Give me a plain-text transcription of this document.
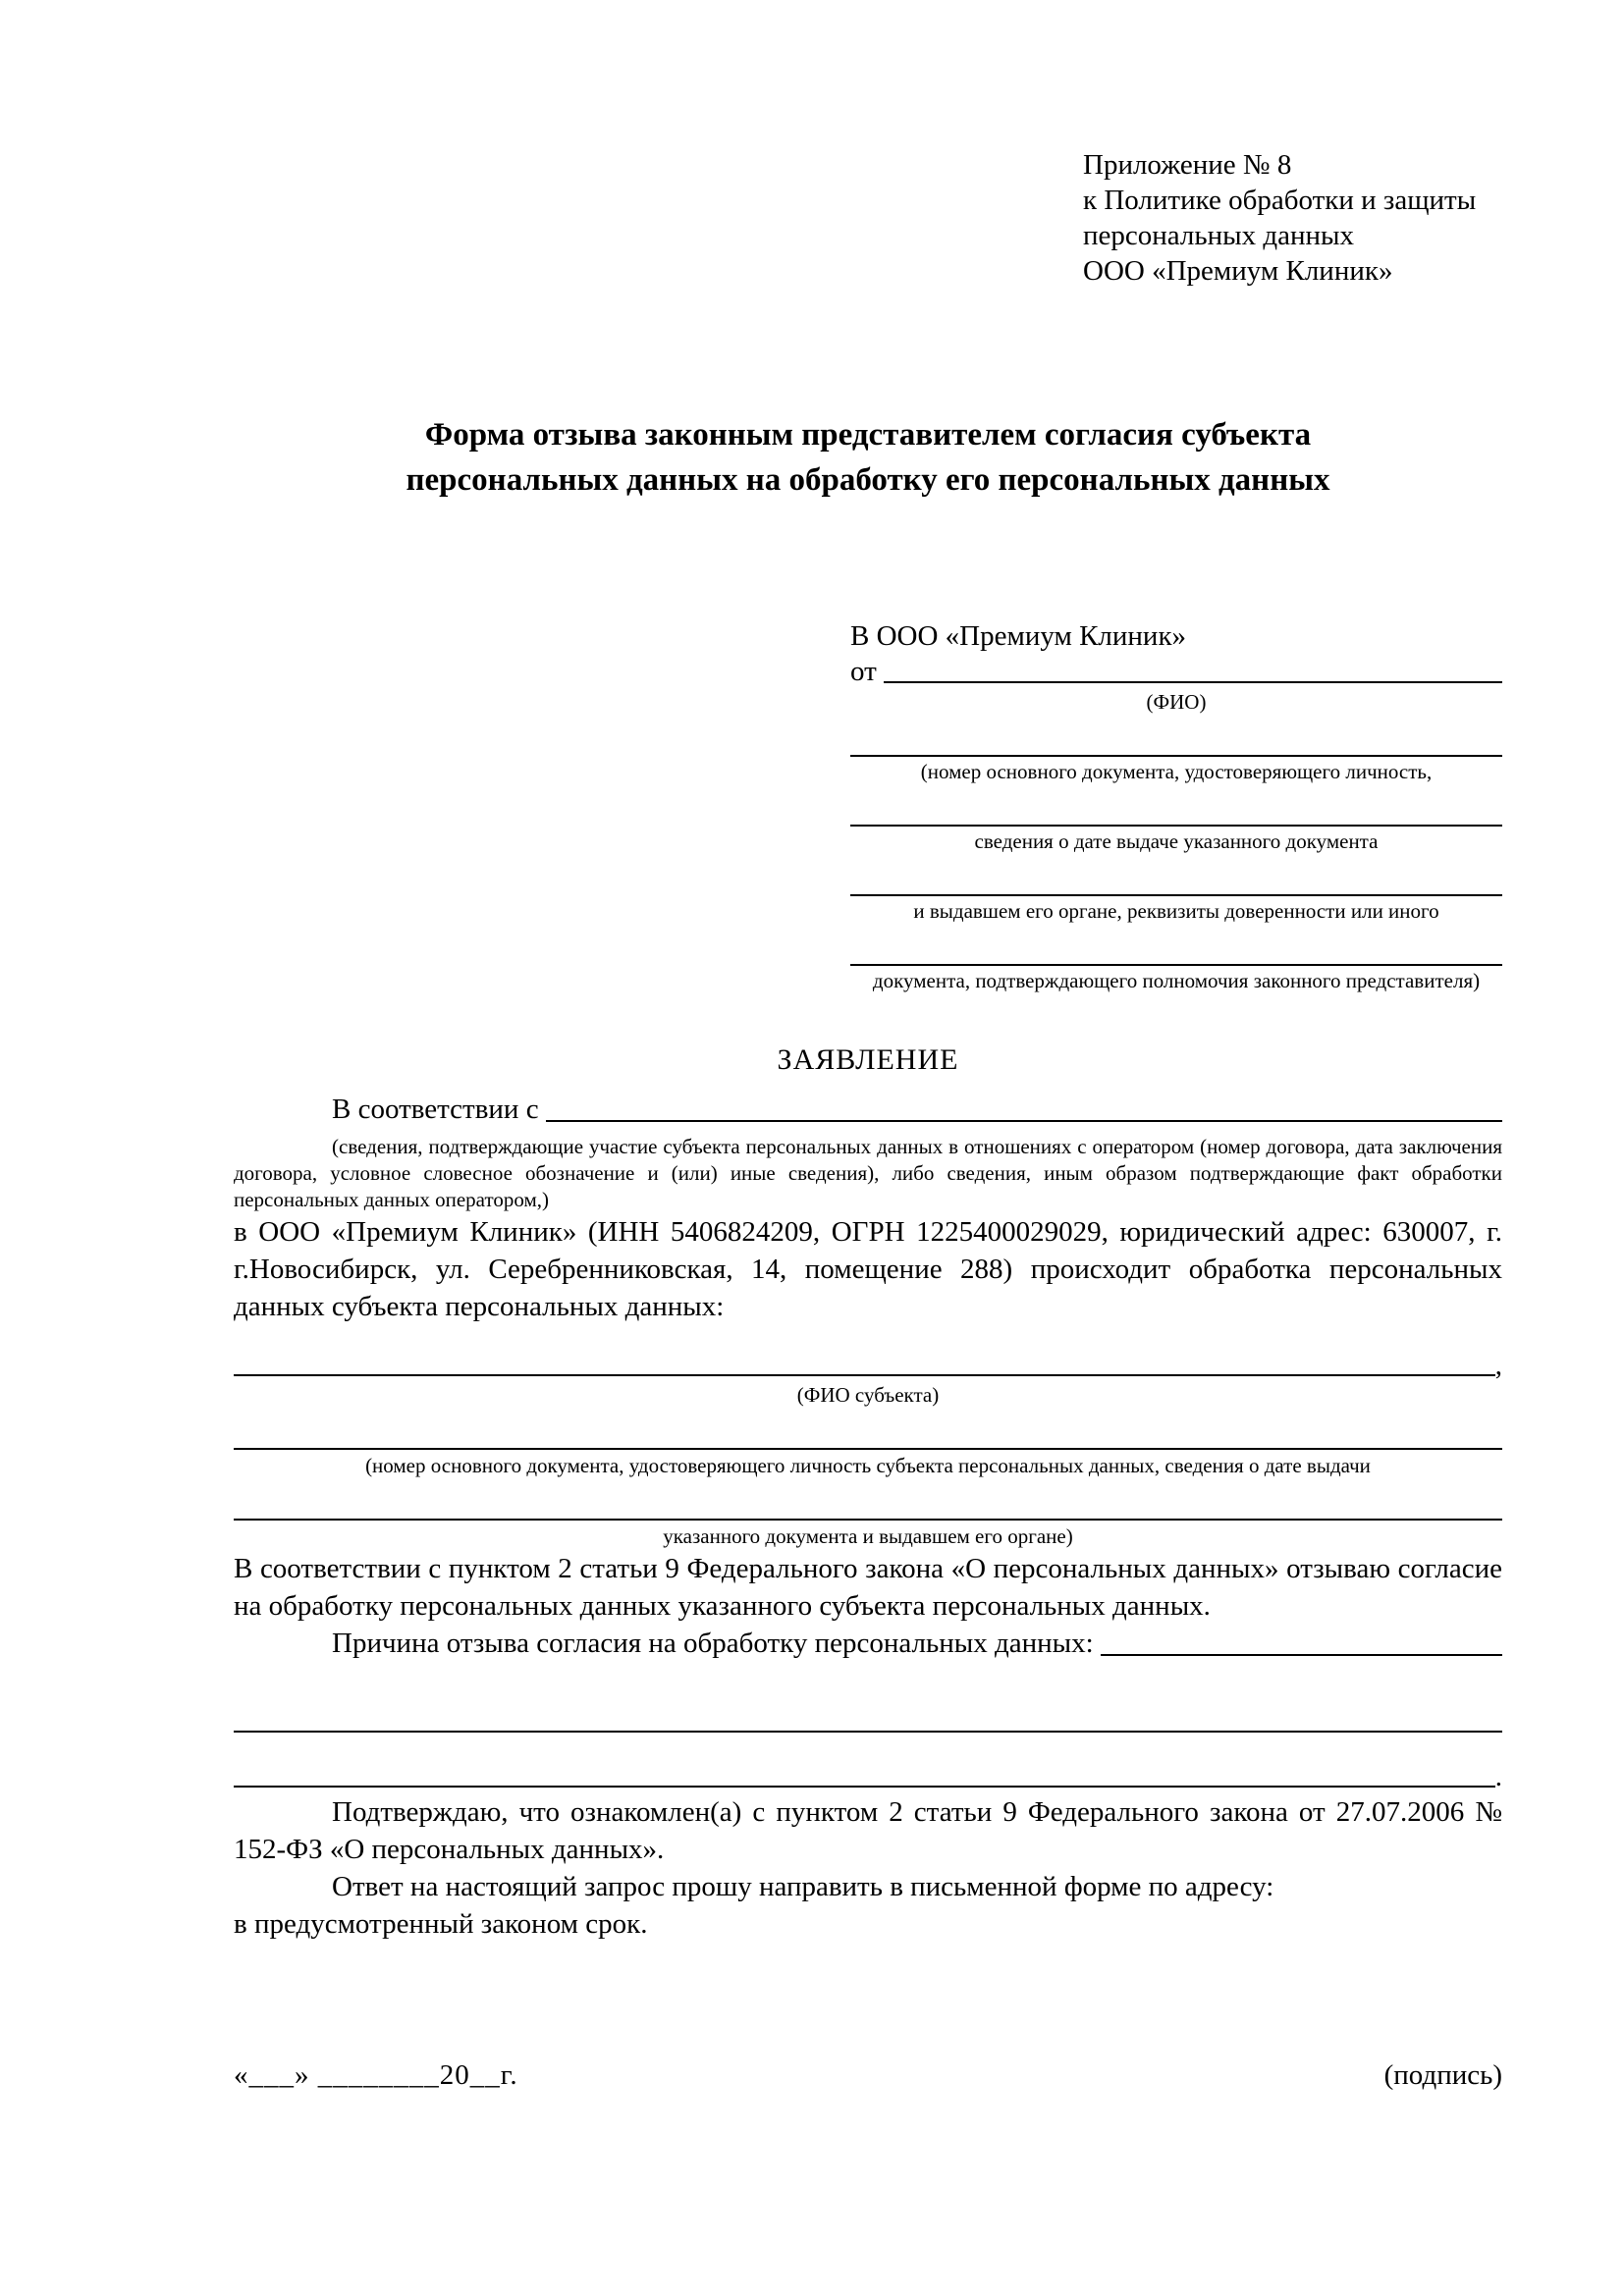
Приложение № 8
к Политике обработки и защиты
персональных данных
ООО «Премиум Клиник»
Форма отзыва законным представителем согласия субъекта
персональных данных на обработку его персональных данных
В ООО «Премиум Клиник»
от
(ФИО)
(номер основного документа, удостоверяющего личность,
сведения о дате выдаче указанного документа
и выдавшем его органе, реквизиты доверенности или иного
документа, подтверждающего полномочия законного представителя)
ЗАЯВЛЕНИЕ
В соответствии с
(сведения, подтверждающие участие субъекта персональных данных в отношениях с оператором (номер договора, дата заключения договора, условное словесное обозначение и (или) иные сведения), либо сведения, иным образом подтверждающие факт обработки персональных данных оператором,)

в ООО «Премиум Клиник» (ИНН 5406824209, ОГРН 1225400029029, юридический адрес: 630007, г. г.Новосибирск, ул. Серебренниковская, 14, помещение 288) происходит обработка персональных данных субъекта персональных данных:

,
(ФИО субъекта)
(номер основного документа, удостоверяющего личность субъекта персональных данных, сведения о дате выдачи
указанного документа и выдавшем его органе)

В соответствии с пунктом 2 статьи 9 Федерального закона «О персональных данных» отзываю согласие на обработку персональных данных указанного субъекта персональных данных.

Причина отзыва согласия на обработку персональных данных:
.

Подтверждаю, что ознакомлен(а) с пунктом 2 статьи 9 Федерального закона от 27.07.2006 № 152-ФЗ «О персональных данных».

Ответ на настоящий запрос прошу направить в письменной форме по адресу:

в предусмотренный законом срок.
«___» ________20__г.	(подпись)
